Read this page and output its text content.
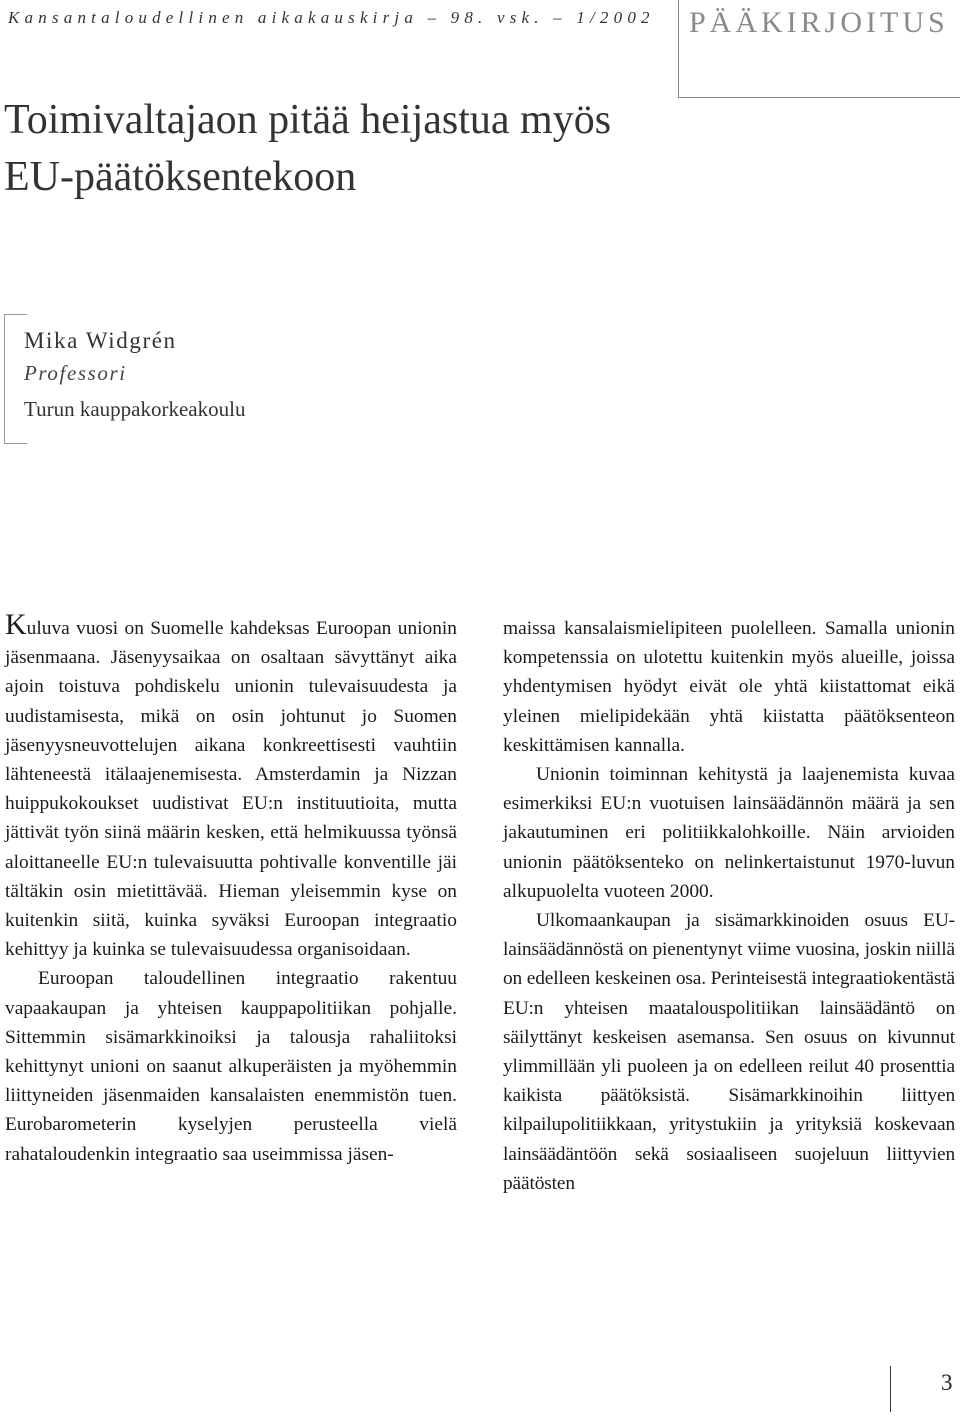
Kansantaloudellinen aikakauskirja – 98. vsk. – 1/2002 PÄÄKIRJOITUS
Toimivaltajaon pitää heijastua myös EU-päätöksentekoon
Mika Widgrén
Professori
Turun kauppakorkeakoulu

Kuluva vuosi on Suomelle kahdeksas Euroopan unionin jäsenmaana. Jäsenyysaikaa on osaltaan sävyttänyt aika ajoin toistuva pohdiskelu unionin tulevaisuudesta ja uudistamisesta, mikä on osin johtunut jo Suomen jäsenyysneuvottelujen aikana konkreettisesti vauhtiin lähteneestä itälaajenemisesta. Amsterdamin ja Nizzan huippukokoukset uudistivat EU:n instituutioita, mutta jättivät työn siinä määrin kesken, että helmikuussa työnsä aloittaneelle EU:n tulevaisuutta pohtivalle konventille jäi tältäkin osin mietittävää. Hieman yleisemmin kyse on kuitenkin siitä, kuinka syväksi Euroopan integraatio kehittyy ja kuinka se tulevaisuudessa organisoidaan.

Euroopan taloudellinen integraatio rakentuu vapaakaupan ja yhteisen kauppapolitiikan pohjalle. Sittemmin sisämarkkinoiksi ja talousja rahaliitoksi kehittynyt unioni on saanut alkuperäisten ja myöhemmin liittyneiden jäsenmaiden kansalaisten enemmistön tuen. Eurobarometerin kyselyjen perusteella vielä rahataloudenkin integraatio saa useimmissa jäsen-

maissa kansalaismielipiteen puolelleen. Samalla unionin kompetenssia on ulotettu kuitenkin myös alueille, joissa yhdentymisen hyödyt eivät ole yhtä kiistattomat eikä yleinen mielipidekään yhtä kiistatta päätöksenteon keskittämisen kannalla.

Unionin toiminnan kehitystä ja laajenemista kuvaa esimerkiksi EU:n vuotuisen lainsäädännön määrä ja sen jakautuminen eri politiikkalohkoille. Näin arvioiden unionin päätöksenteko on nelinkertaistunut 1970-luvun alkupuolelta vuoteen 2000.

Ulkomaankaupan ja sisämarkkinoiden osuus EU-lainsäädännöstä on pienentynyt viime vuosina, joskin niillä on edelleen keskeinen osa. Perinteisestä integraatiokentästä EU:n yhteisen maatalouspolitiikan lainsäädäntö on säilyttänyt keskeisen asemansa. Sen osuus on kivunnut ylimmillään yli puoleen ja on edelleen reilut 40 prosenttia kaikista päätöksistä. Sisämarkkinoihin liittyen kilpailupolitiikkaan, yritystukiin ja yrityksiä koskevaan lainsäädäntöön sekä sosiaaliseen suojeluun liittyvien päätösten

3
